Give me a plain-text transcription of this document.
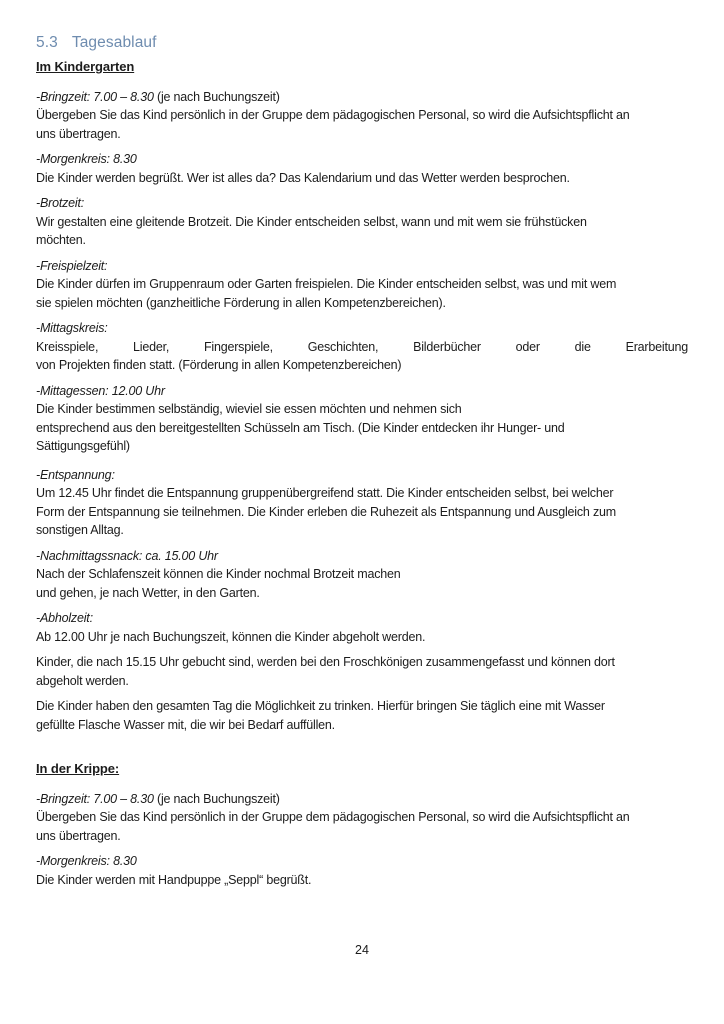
5.3 Tagesablauf
Im Kindergarten
-Bringzeit: 7.00 – 8.30 (je nach Buchungszeit)
Übergeben Sie das Kind persönlich in der Gruppe dem pädagogischen Personal, so wird die Aufsichtspflicht an
uns übertragen.
-Morgenkreis: 8.30
Die Kinder werden begrüßt. Wer ist alles da? Das Kalendarium und das Wetter werden besprochen.
-Brotzeit:
Wir gestalten eine gleitende Brotzeit. Die Kinder entscheiden selbst, wann und mit wem sie frühstücken
möchten.
-Freispielzeit:
Die Kinder dürfen im Gruppenraum oder Garten freispielen. Die Kinder entscheiden selbst, was und mit wem
sie spielen möchten (ganzheitliche Förderung in allen Kompetenzbereichen).
-Mittagskreis:
Kreisspiele, Lieder, Fingerspiele, Geschichten, Bilderbücher oder die Erarbeitung
von Projekten finden statt. (Förderung in allen Kompetenzbereichen)
-Mittagessen: 12.00 Uhr
Die Kinder bestimmen selbständig, wieviel sie essen möchten und nehmen sich
entsprechend aus den bereitgestellten Schüsseln am Tisch. (Die Kinder entdecken ihr Hunger- und
Sättigungsgefühl)
-Entspannung:
Um 12.45 Uhr findet die Entspannung gruppenübergreifend statt. Die Kinder entscheiden selbst, bei welcher
Form der Entspannung sie teilnehmen. Die Kinder erleben die Ruhezeit als Entspannung und Ausgleich zum
sonstigen Alltag.
-Nachmittagssnack: ca. 15.00 Uhr
Nach der Schlafenszeit können die Kinder nochmal Brotzeit machen
und gehen, je nach Wetter, in den Garten.
-Abholzeit:
Ab 12.00 Uhr je nach Buchungszeit, können die Kinder abgeholt werden.
Kinder, die nach 15.15 Uhr gebucht sind, werden bei den Froschkönigen zusammengefasst und können dort
abgeholt werden.
Die Kinder haben den gesamten Tag die Möglichkeit zu trinken. Hierfür bringen Sie täglich eine mit Wasser
gefüllte Flasche Wasser mit, die wir bei Bedarf auffüllen.
In der Krippe:
-Bringzeit: 7.00 – 8.30 (je nach Buchungszeit)
Übergeben Sie das Kind persönlich in der Gruppe dem pädagogischen Personal, so wird die Aufsichtspflicht an
uns übertragen.
-Morgenkreis: 8.30
Die Kinder werden mit Handpuppe „Seppl“ begrüßt.
24
